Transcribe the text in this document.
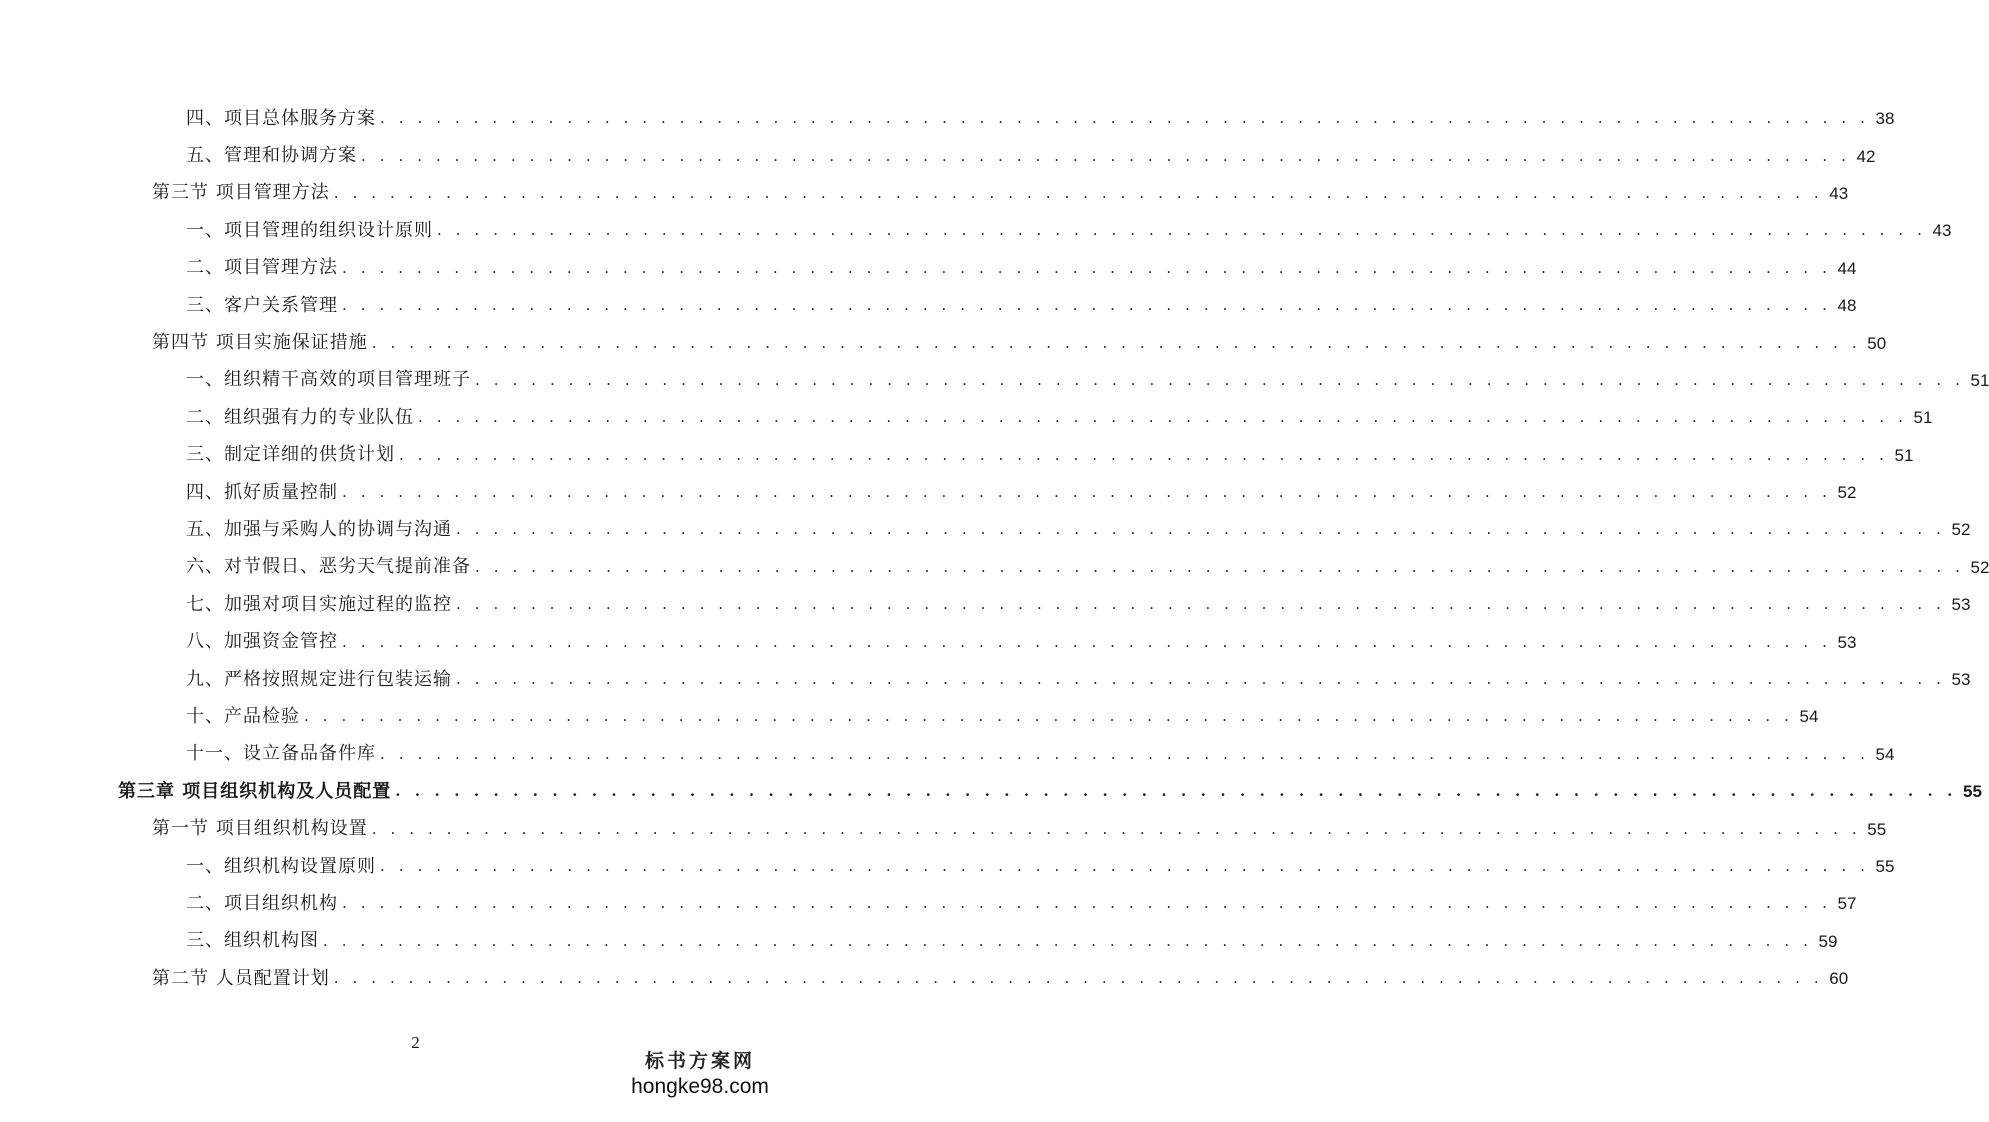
四、项目总体服务方案 . . . . . . . . . . . . . . . . . . . . . . . . . . . . . . . . . . . . . . . . . . . . . . . . . . . . . . . . . . . . . . . . . . . . . . . . . . . . . . . . 38
五、管理和协调方案 . . . . . . . . . . . . . . . . . . . . . . . . . . . . . . . . . . . . . . . . . . . . . . . . . . . . . . . . . . . . . . . . . . . . . . . . . . . . . . . . 42
第三节 项目管理方法 . . . . . . . . . . . . . . . . . . . . . . . . . . . . . . . . . . . . . . . . . . . . . . . . . . . . . . . . . . . . . . . . . . . . . . . . . . . . . . . . 43
一、项目管理的组织设计原则 . . . . . . . . . . . . . . . . . . . . . . . . . . . . . . . . . . . . . . . . . . . . . . . . . . . . . . . . . . . . . . . . . . . . . . . . . . . . . . . . 43
二、项目管理方法 . . . . . . . . . . . . . . . . . . . . . . . . . . . . . . . . . . . . . . . . . . . . . . . . . . . . . . . . . . . . . . . . . . . . . . . . . . . . . . . . 44
三、客户关系管理 . . . . . . . . . . . . . . . . . . . . . . . . . . . . . . . . . . . . . . . . . . . . . . . . . . . . . . . . . . . . . . . . . . . . . . . . . . . . . . . . 48
第四节 项目实施保证措施 . . . . . . . . . . . . . . . . . . . . . . . . . . . . . . . . . . . . . . . . . . . . . . . . . . . . . . . . . . . . . . . . . . . . . . . . . . . . . . . . 50
一、组织精干高效的项目管理班子 . . . . . . . . . . . . . . . . . . . . . . . . . . . . . . . . . . . . . . . . . . . . . . . . . . . . . . . . . . . . . . . . . . . . . . . . . . . . . . . . 51
二、组织强有力的专业队伍 . . . . . . . . . . . . . . . . . . . . . . . . . . . . . . . . . . . . . . . . . . . . . . . . . . . . . . . . . . . . . . . . . . . . . . . . . . . . . . . . 51
三、制定详细的供货计划 . . . . . . . . . . . . . . . . . . . . . . . . . . . . . . . . . . . . . . . . . . . . . . . . . . . . . . . . . . . . . . . . . . . . . . . . . . . . . . . . 51
四、抓好质量控制 . . . . . . . . . . . . . . . . . . . . . . . . . . . . . . . . . . . . . . . . . . . . . . . . . . . . . . . . . . . . . . . . . . . . . . . . . . . . . . . . 52
五、加强与采购人的协调与沟通 . . . . . . . . . . . . . . . . . . . . . . . . . . . . . . . . . . . . . . . . . . . . . . . . . . . . . . . . . . . . . . . . . . . . . . . . . . . . . . . . 52
六、对节假日、恶劣天气提前准备 . . . . . . . . . . . . . . . . . . . . . . . . . . . . . . . . . . . . . . . . . . . . . . . . . . . . . . . . . . . . . . . . . . . . . . . . . . . . . . . . 52
七、加强对项目实施过程的监控 . . . . . . . . . . . . . . . . . . . . . . . . . . . . . . . . . . . . . . . . . . . . . . . . . . . . . . . . . . . . . . . . . . . . . . . . . . . . . . . . 53
八、加强资金管控 . . . . . . . . . . . . . . . . . . . . . . . . . . . . . . . . . . . . . . . . . . . . . . . . . . . . . . . . . . . . . . . . . . . . . . . . . . . . . . . . 53
九、严格按照规定进行包装运输 . . . . . . . . . . . . . . . . . . . . . . . . . . . . . . . . . . . . . . . . . . . . . . . . . . . . . . . . . . . . . . . . . . . . . . . . . . . . . . . . 53
十、产品检验 . . . . . . . . . . . . . . . . . . . . . . . . . . . . . . . . . . . . . . . . . . . . . . . . . . . . . . . . . . . . . . . . . . . . . . . . . . . . . . . . 54
十一、设立备品备件库 . . . . . . . . . . . . . . . . . . . . . . . . . . . . . . . . . . . . . . . . . . . . . . . . . . . . . . . . . . . . . . . . . . . . . . . . . . . . . . . . 54
第三章 项目组织机构及人员配置 . . . . . . . . . . . . . . . . . . . . . . . . . . . . . . . . . . . . . . . . . . . . . . . . . . . . . . . . . . . . . . . . . . . . . . . . . . . . . . . . 55
第一节 项目组织机构设置 . . . . . . . . . . . . . . . . . . . . . . . . . . . . . . . . . . . . . . . . . . . . . . . . . . . . . . . . . . . . . . . . . . . . . . . . . . . . . . . . 55
一、组织机构设置原则 . . . . . . . . . . . . . . . . . . . . . . . . . . . . . . . . . . . . . . . . . . . . . . . . . . . . . . . . . . . . . . . . . . . . . . . . . . . . . . . . 55
二、项目组织机构 . . . . . . . . . . . . . . . . . . . . . . . . . . . . . . . . . . . . . . . . . . . . . . . . . . . . . . . . . . . . . . . . . . . . . . . . . . . . . . . . 57
三、组织机构图 . . . . . . . . . . . . . . . . . . . . . . . . . . . . . . . . . . . . . . . . . . . . . . . . . . . . . . . . . . . . . . . . . . . . . . . . . . . . . . . . 59
第二节 人员配置计划 . . . . . . . . . . . . . . . . . . . . . . . . . . . . . . . . . . . . . . . . . . . . . . . . . . . . . . . . . . . . . . . . . . . . . . . . . . . . . . . . 60
2
标书方案网
hongke98.com
